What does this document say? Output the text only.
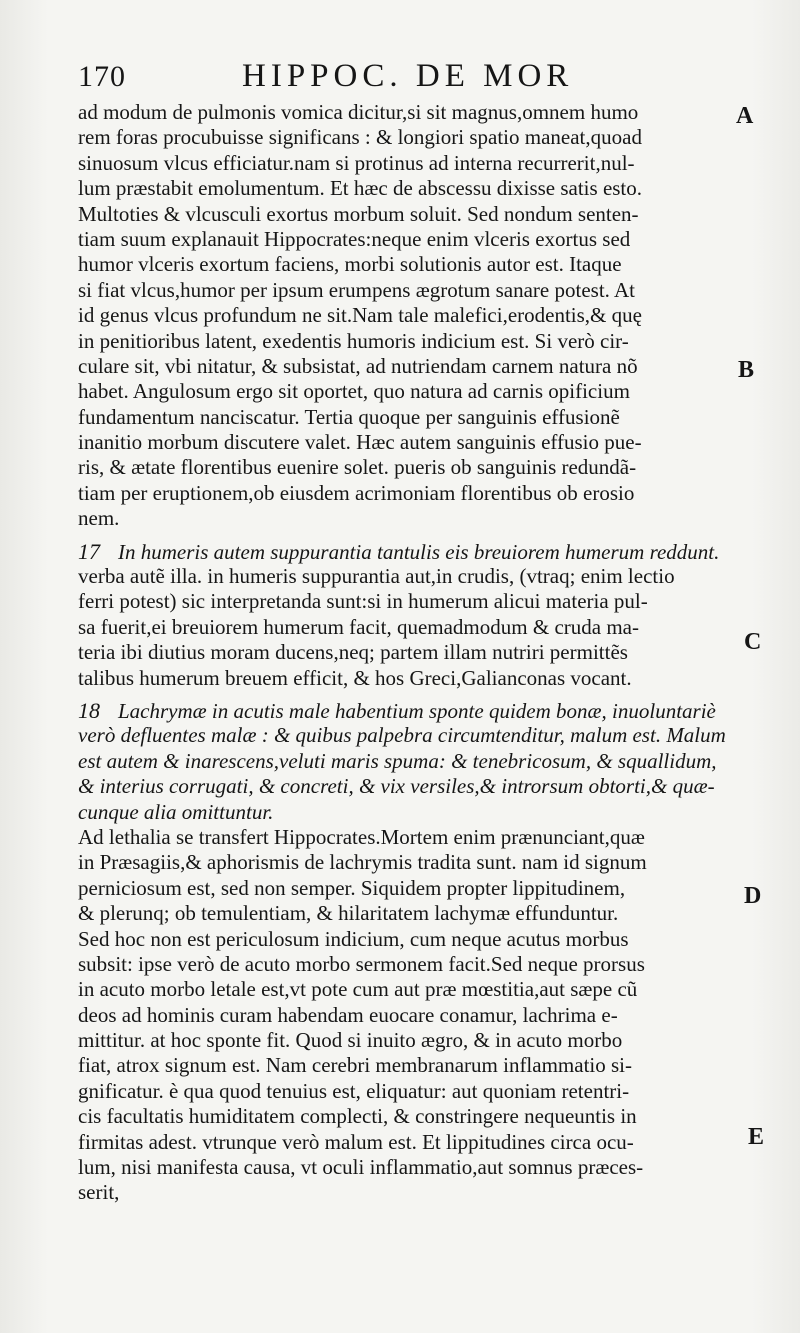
170	HIPPOC. DE MOR
ad modum de pulmonis vomica dicitur,si sit magnus,omnem humo
rem foras procubuisse significans : & longiori spatio maneat,quoad
sinuosum vlcus efficiatur.nam si protinus ad interna recurrerit,nul-
lum præstabit emolumentum. Et hæc de abscessu dixisse satis esto.
Multoties & vlcusculi exortus morbum soluit. Sed nondum senten-
tiam suum explanauit Hippocrates:neque enim vlceris exortus sed
humor vlceris exortum faciens, morbi solutionis autor est. Itaque
si fiat vlcus,humor per ipsum erumpens ægrotum sanare potest. At
id genus vlcus profundum ne sit.Nam tale malefici,erodentis,& quę
in penitioribus latent, exedentis humoris indicium est. Si verò cir-
culare sit, vbi nitatur, & subsistat, ad nutriendam carnem natura nõ
habet. Angulosum ergo sit oportet, quo natura ad carnis opificium
fundamentum nanciscatur. Tertia quoque per sanguinis effusionẽ
inanitio morbum discutere valet. Hæc autem sanguinis effusio pue-
ris, & ætate florentibus euenire solet. pueris ob sanguinis redundã-
tiam per eruptionem,ob eiusdem acrimoniam florentibus ob erosio
nem.
17 In humeris autem suppurantia tantulis eis breuiorem humerum reddunt.
verba autẽ illa. in humeris suppurantia aut,in crudis, (vtraq; enim lectio
ferri potest) sic interpretanda sunt:si in humerum alicui materia pul-
sa fuerit,ei breuiorem humerum facit, quemadmodum & cruda ma-
teria ibi diutius moram ducens,neq; partem illam nutriri permittẽs
talibus humerum breuem efficit, & hos Greci,Galianconas vocant.
18 Lachrymæ in acutis male habentium sponte quidem bonæ, inuoluntariè
verò defluentes malæ : & quibus palpebra circumtenditur, malum est. Malum
est autem & inarescens,veluti maris spuma: & tenebricosum, & squallidum,
& interius corrugati, & concreti, & vix versiles,& introrsum obtorti,& quæ-
cunque alia omittuntur.
Ad lethalia se transfert Hippocrates.Mortem enim prænunciant,quæ
in Præsagiis,& aphorismis de lachrymis tradita sunt. nam id signum
perniciosum est, sed non semper. Siquidem propter lippitudinem,
& plerunq; ob temulentiam, & hilaritatem lachymæ effunduntur.
Sed hoc non est periculosum indicium, cum neque acutus morbus
subsit: ipse verò de acuto morbo sermonem facit.Sed neque prorsus
in acuto morbo letale est,vt pote cum aut præ mœstitia,aut sæpe cũ
deos ad hominis curam habendam euocare conamur, lachrima e-
mittitur. at hoc sponte fit. Quod si inuito ægro, & in acuto morbo
fiat, atrox signum est. Nam cerebri membranarum inflammatio si-
gnificatur. è qua quod tenuius est, eliquatur: aut quoniam retentri-
cis facultatis humiditatem complecti, & constringere nequeuntis in
firmitas adest. vtrunque verò malum est. Et lippitudines circa ocu-
lum, nisi manifesta causa, vt oculi inflammatio,aut somnus præces-
serit,
A
B
C
D
E
